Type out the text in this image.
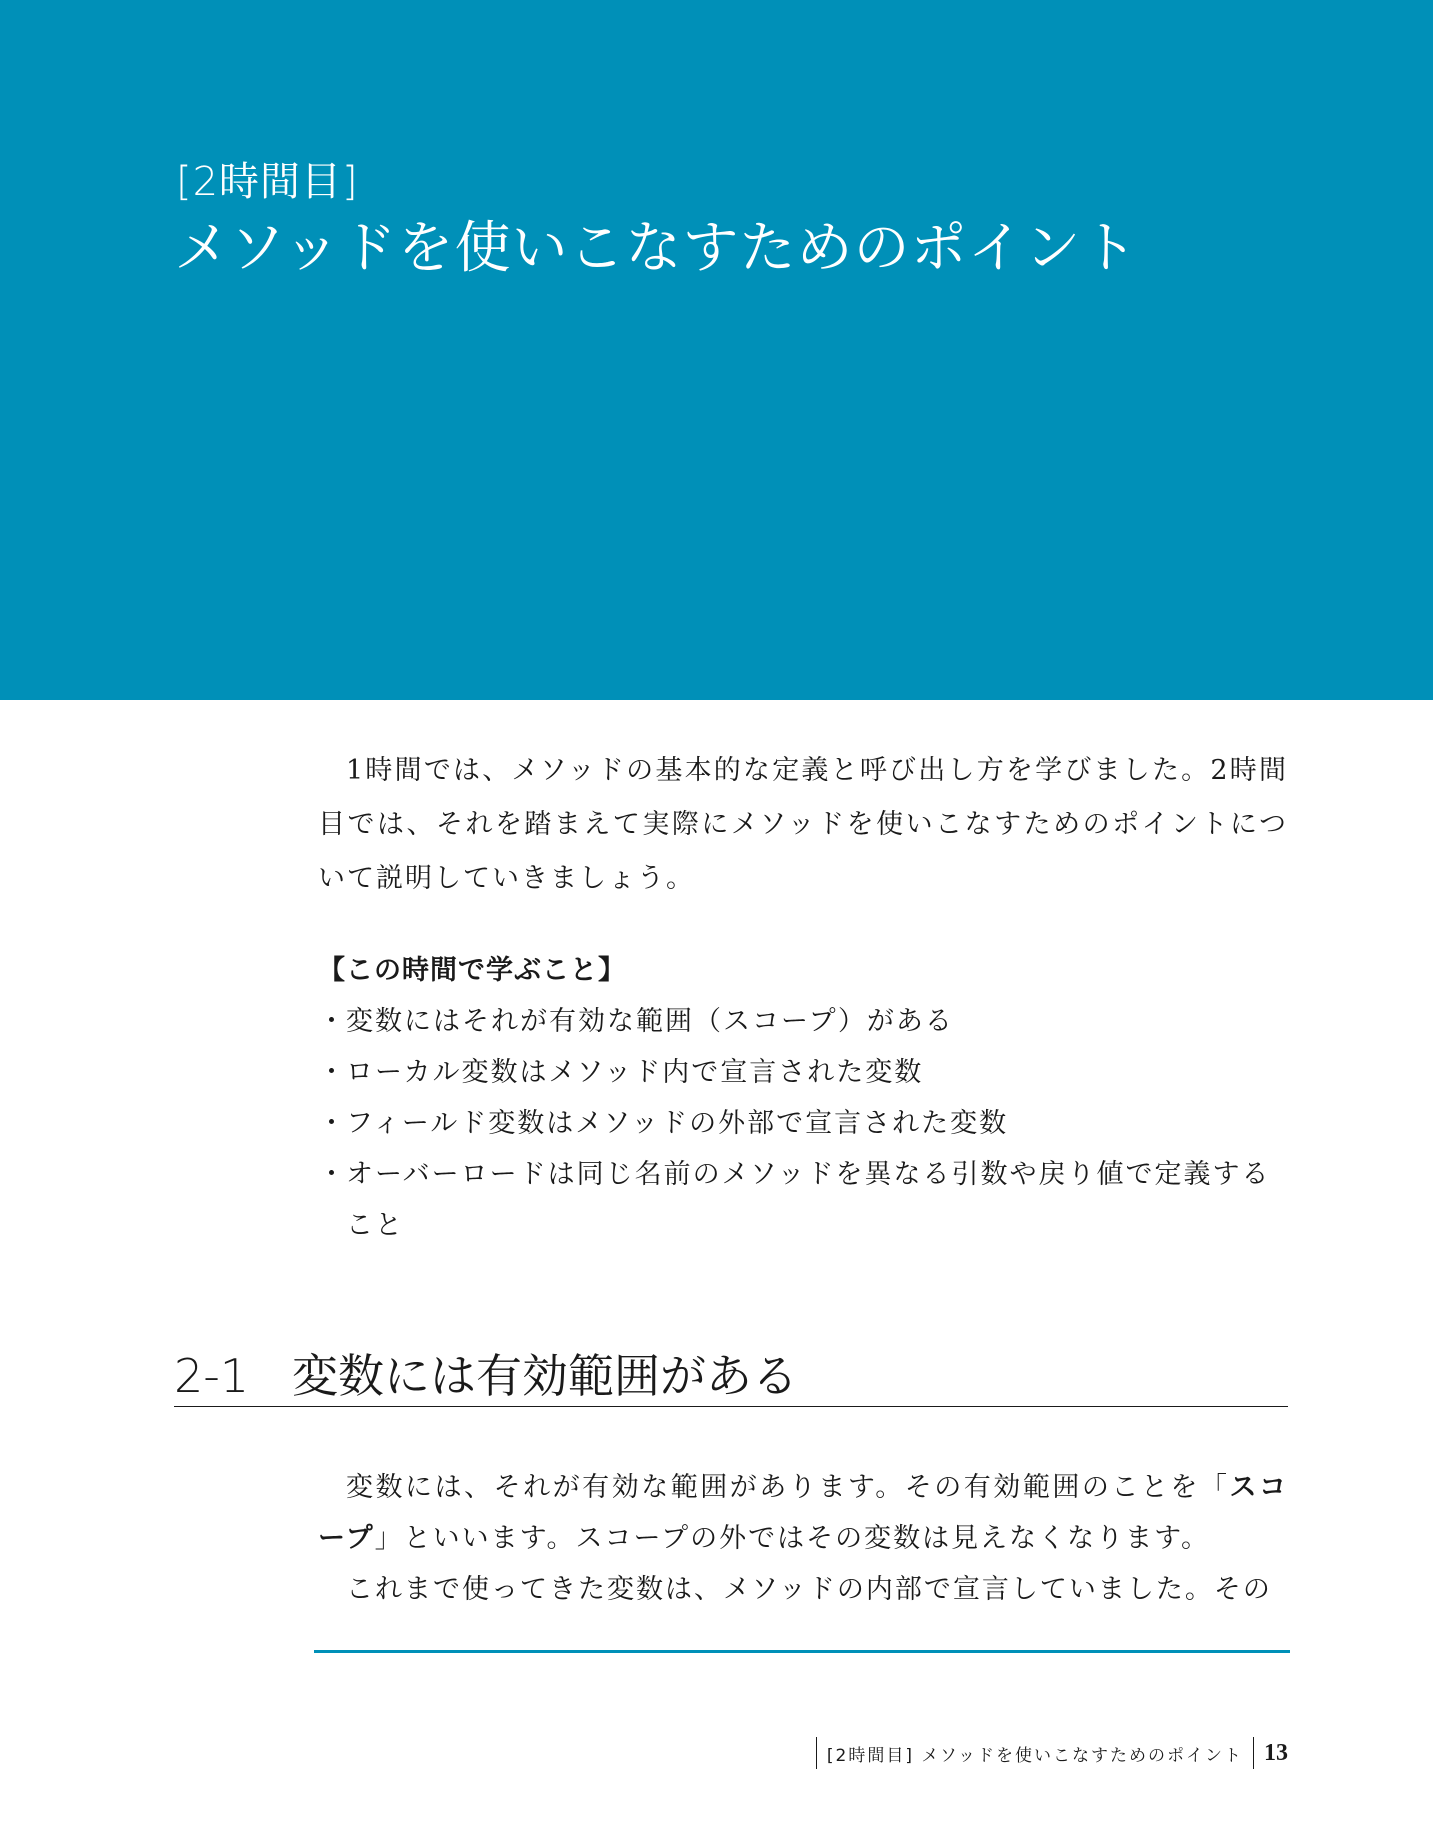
[2時間目]
メソッドを使いこなすためのポイント

1時間では、メソッドの基本的な定義と呼び出し方を学びました。2時間目では、それを踏まえて実際にメソッドを使いこなすためのポイントについて説明していきましょう。

【この時間で学ぶこと】
・ 変数にはそれが有効な範囲（スコープ）がある
・ ローカル変数はメソッド内で宣言された変数
・ フィールド変数はメソッドの外部で宣言された変数
・ オーバーロードは同じ名前のメソッドを異なる引数や戻り値で定義すること
2-1 変数には有効範囲がある

変数には、それが有効な範囲があります。その有効範囲のことを「スコープ」といいます。スコープの外ではその変数は見えなくなります。

これまで使ってきた変数は、メソッドの内部で宣言していました。その

[2時間目] メソッドを使いこなすためのポイント 13
